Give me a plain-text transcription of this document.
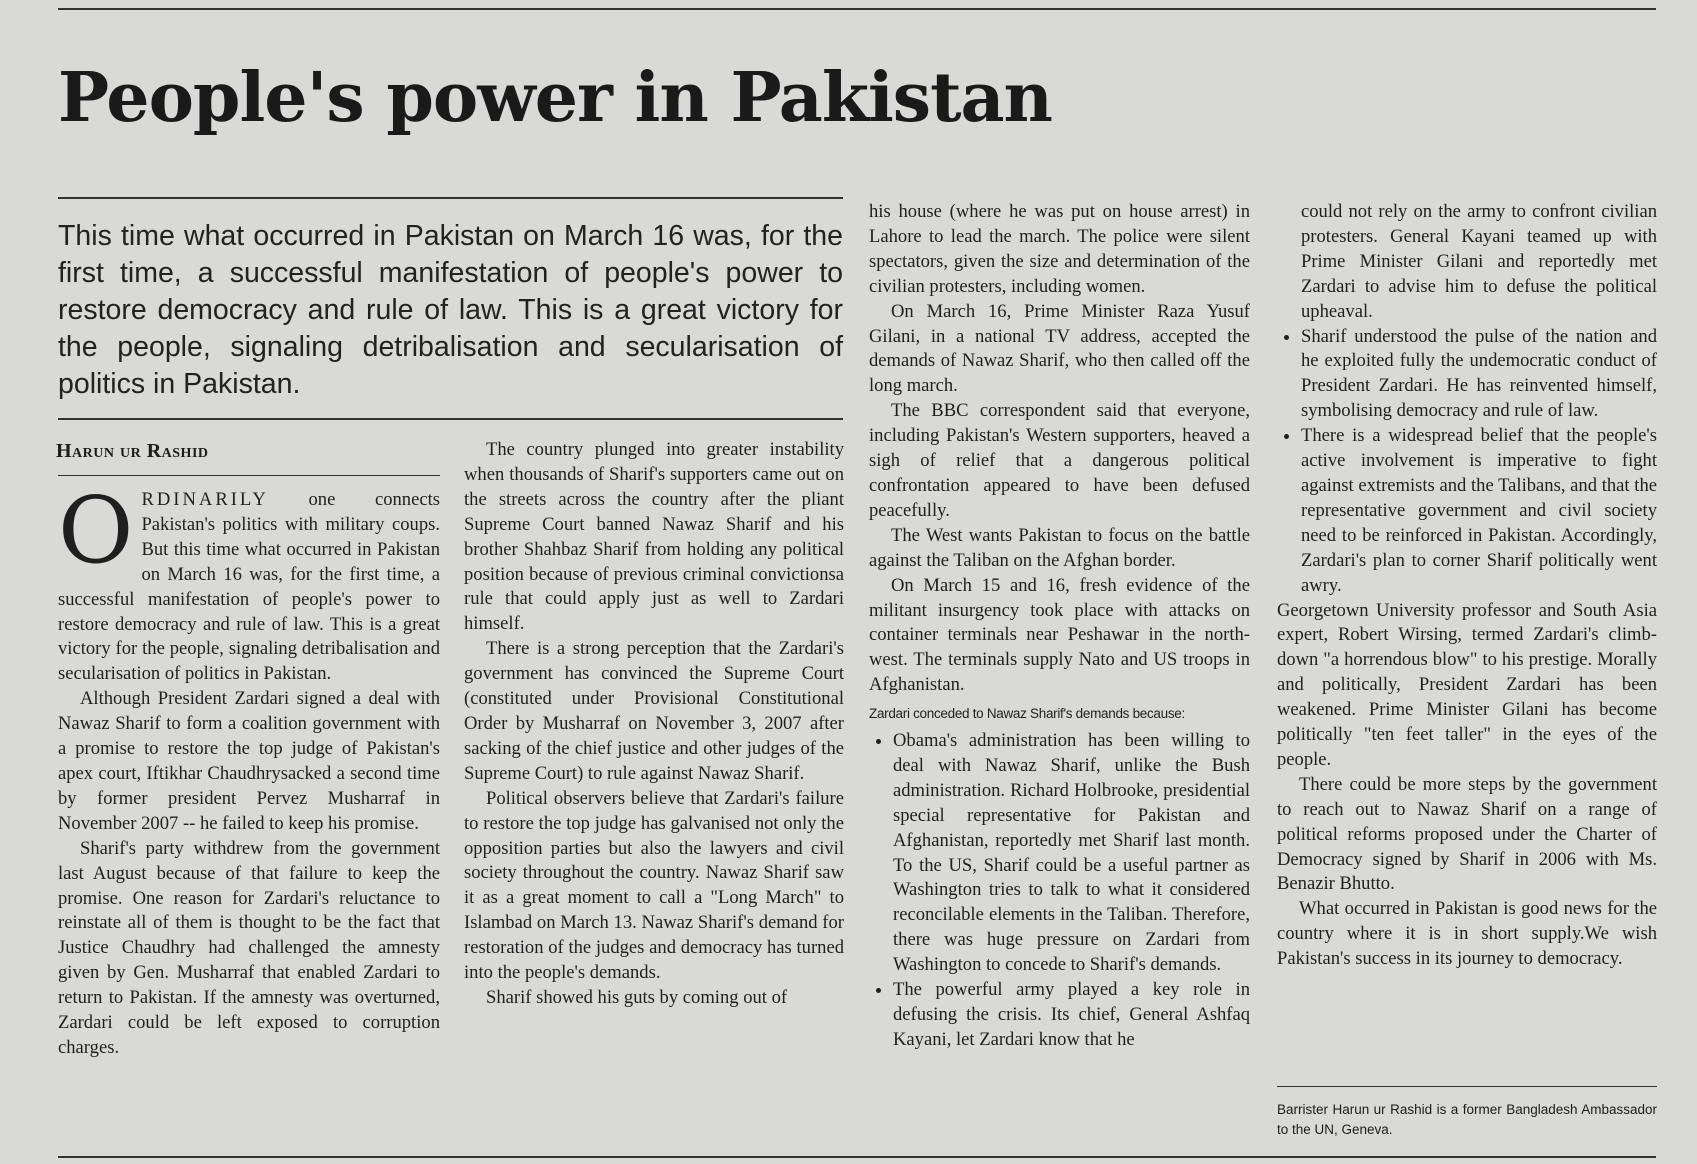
People's power in Pakistan

This time what occurred in Pakistan on March 16 was, for the first time, a successful manifestation of people's power to restore democracy and rule of law. This is a great victory for the people, signaling detribalisation and secularisation of politics in Pakistan.

Harun ur Rashid

ORDINARILY one connects Pakistan's politics with military coups. But this time what occurred in Pakistan on March 16 was, for the first time, a successful manifestation of people's power to restore democracy and rule of law. This is a great victory for the people, signaling detribalisation and secularisation of politics in Pakistan.

Although President Zardari signed a deal with Nawaz Sharif to form a coalition government with a promise to restore the top judge of Pakistan's apex court, Iftikhar Chaudhrysacked a second time by former president Pervez Musharraf in November 2007 -- he failed to keep his promise.

Sharif's party withdrew from the government last August because of that failure to keep the promise. One reason for Zardari's reluctance to reinstate all of them is thought to be the fact that Justice Chaudhry had challenged the amnesty given by Gen. Musharraf that enabled Zardari to return to Pakistan. If the amnesty was overturned, Zardari could be left exposed to corruption charges.

The country plunged into greater instability when thousands of Sharif's supporters came out on the streets across the country after the pliant Supreme Court banned Nawaz Sharif and his brother Shahbaz Sharif from holding any political position because of previous criminal convictionsa rule that could apply just as well to Zardari himself.

There is a strong perception that the Zardari's government has convinced the Supreme Court (constituted under Provisional Constitutional Order by Musharraf on November 3, 2007 after sacking of the chief justice and other judges of the Supreme Court) to rule against Nawaz Sharif.

Political observers believe that Zardari's failure to restore the top judge has galvanised not only the opposition parties but also the lawyers and civil society throughout the country. Nawaz Sharif saw it as a great moment to call a "Long March" to Islambad on March 13. Nawaz Sharif's demand for restoration of the judges and democracy has turned into the people's demands.

Sharif showed his guts by coming out of

his house (where he was put on house arrest) in Lahore to lead the march. The police were silent spectators, given the size and determination of the civilian protesters, including women.

On March 16, Prime Minister Raza Yusuf Gilani, in a national TV address, accepted the demands of Nawaz Sharif, who then called off the long march.

The BBC correspondent said that everyone, including Pakistan's Western supporters, heaved a sigh of relief that a dangerous political confrontation appeared to have been defused peacefully.

The West wants Pakistan to focus on the battle against the Taliban on the Afghan border.

On March 15 and 16, fresh evidence of the militant insurgency took place with attacks on container terminals near Peshawar in the north-west. The terminals supply Nato and US troops in Afghanistan.

Zardari conceded to Nawaz Sharif's demands because:
• Obama's administration has been willing to deal with Nawaz Sharif, unlike the Bush administration. Richard Holbrooke, presidential special representative for Pakistan and Afghanistan, reportedly met Sharif last month. To the US, Sharif could be a useful partner as Washington tries to talk to what it considered reconcilable elements in the Taliban. Therefore, there was huge pressure on Zardari from Washington to concede to Sharif's demands.
• The powerful army played a key role in defusing the crisis. Its chief, General Ashfaq Kayani, let Zardari know that he

could not rely on the army to confront civilian protesters. General Kayani teamed up with Prime Minister Gilani and reportedly met Zardari to advise him to defuse the political upheaval.

• Sharif understood the pulse of the nation and he exploited fully the undemocratic conduct of President Zardari. He has reinvented himself, symbolising democracy and rule of law.
• There is a widespread belief that the people's active involvement is imperative to fight against extremists and the Talibans, and that the representative government and civil society need to be reinforced in Pakistan. Accordingly, Zardari's plan to corner Sharif politically went awry.

Georgetown University professor and South Asia expert, Robert Wirsing, termed Zardari's climb-down "a horrendous blow" to his prestige. Morally and politically, President Zardari has been weakened. Prime Minister Gilani has become politically "ten feet taller" in the eyes of the people.

There could be more steps by the government to reach out to Nawaz Sharif on a range of political reforms proposed under the Charter of Democracy signed by Sharif in 2006 with Ms. Benazir Bhutto.

What occurred in Pakistan is good news for the country where it is in short supply.We wish Pakistan's success in its journey to democracy.

Barrister Harun ur Rashid is a former Bangladesh Ambassador to the UN, Geneva.
